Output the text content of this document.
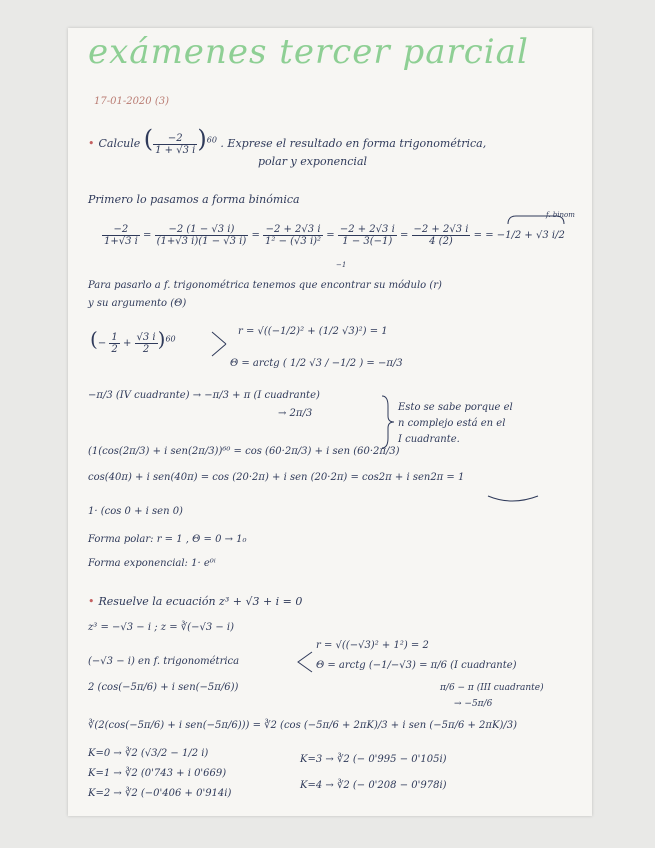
exámenes tercer parcial
17-01-2020 (3)
• Calcule ( $\frac{-2}{1 + √3 i} )^{60}$ . Exprese el resultado en forma trigonométrica,
polar y exponencial
Primero lo pasamos a forma binómica
$\frac{-2}{1+√3 i} = \frac{-2 (1 - √3 i)}{(1+√3 i)(1 - √3 i)} = \frac{-2 + 2√3 i}{\text{1² − (√3 i)²}} = \frac{-2 + 2√3 i}{1 - 3(-1)} = \frac{-2 + 2√3 i}{4 (2)}$ = = −1/2 + √3 i/2
f. binom
−1
Para pasarlo a f. trigonométrica tenemos que encontrar su módulo (r)
y su argumento (Θ)
(− $\frac{1}{2} + \frac{√3 i}{2} )^{60}$
r = √((−1/2)² + (1/2 √3)²) = 1
Θ = arctg ( 1/2 √3 / −1/2 ) = −π/3
−π/3 (IV cuadrante) → −π/3 + π (I cuadrante)
→ 2π/3
Esto se sabe porque el
n complejo está en el
I cuadrante.
(1(cos(2π/3) + i sen(2π/3))⁶⁰ = cos (60·2π/3) + i sen (60·2π/3)
cos(40π) + i sen(40π) = cos (20·2π) + i sen (20·2π) = cos2π + i sen2π = 1
1· (cos 0 + i sen 0)
Forma polar: r = 1 , Θ = 0 → 1₀
Forma exponencial: 1· e⁰ⁱ
• Resuelve la ecuación z³ + √3 + i = 0
z³ = −√3 − i ; z = ∛(−√3 − i)
r = √((−√3)² + 1²) = 2
(−√3 − i) en f. trigonométrica	Θ = arctg (−1/−√3) = π/6 (I cuadrante)
2 (cos(−5π/6) + i sen(−5π/6))	π/6 − π (III cuadrante)
→ −5π/6
∛(2(cos(−5π/6) + i sen(−5π/6))) = ∛2 (cos (−5π/6 + 2πK)/3 + i sen (−5π/6 + 2πK)/3)
K=0 → ∛2 (√3/2 − 1/2 i)
K=1 → ∛2 (0'743 + i 0'669)
K=2 → ∛2 (−0'406 + 0'914i)
K=3 → ∛2 (− 0'995 − 0'105i)
K=4 → ∛2 (− 0'208 − 0'978i)
